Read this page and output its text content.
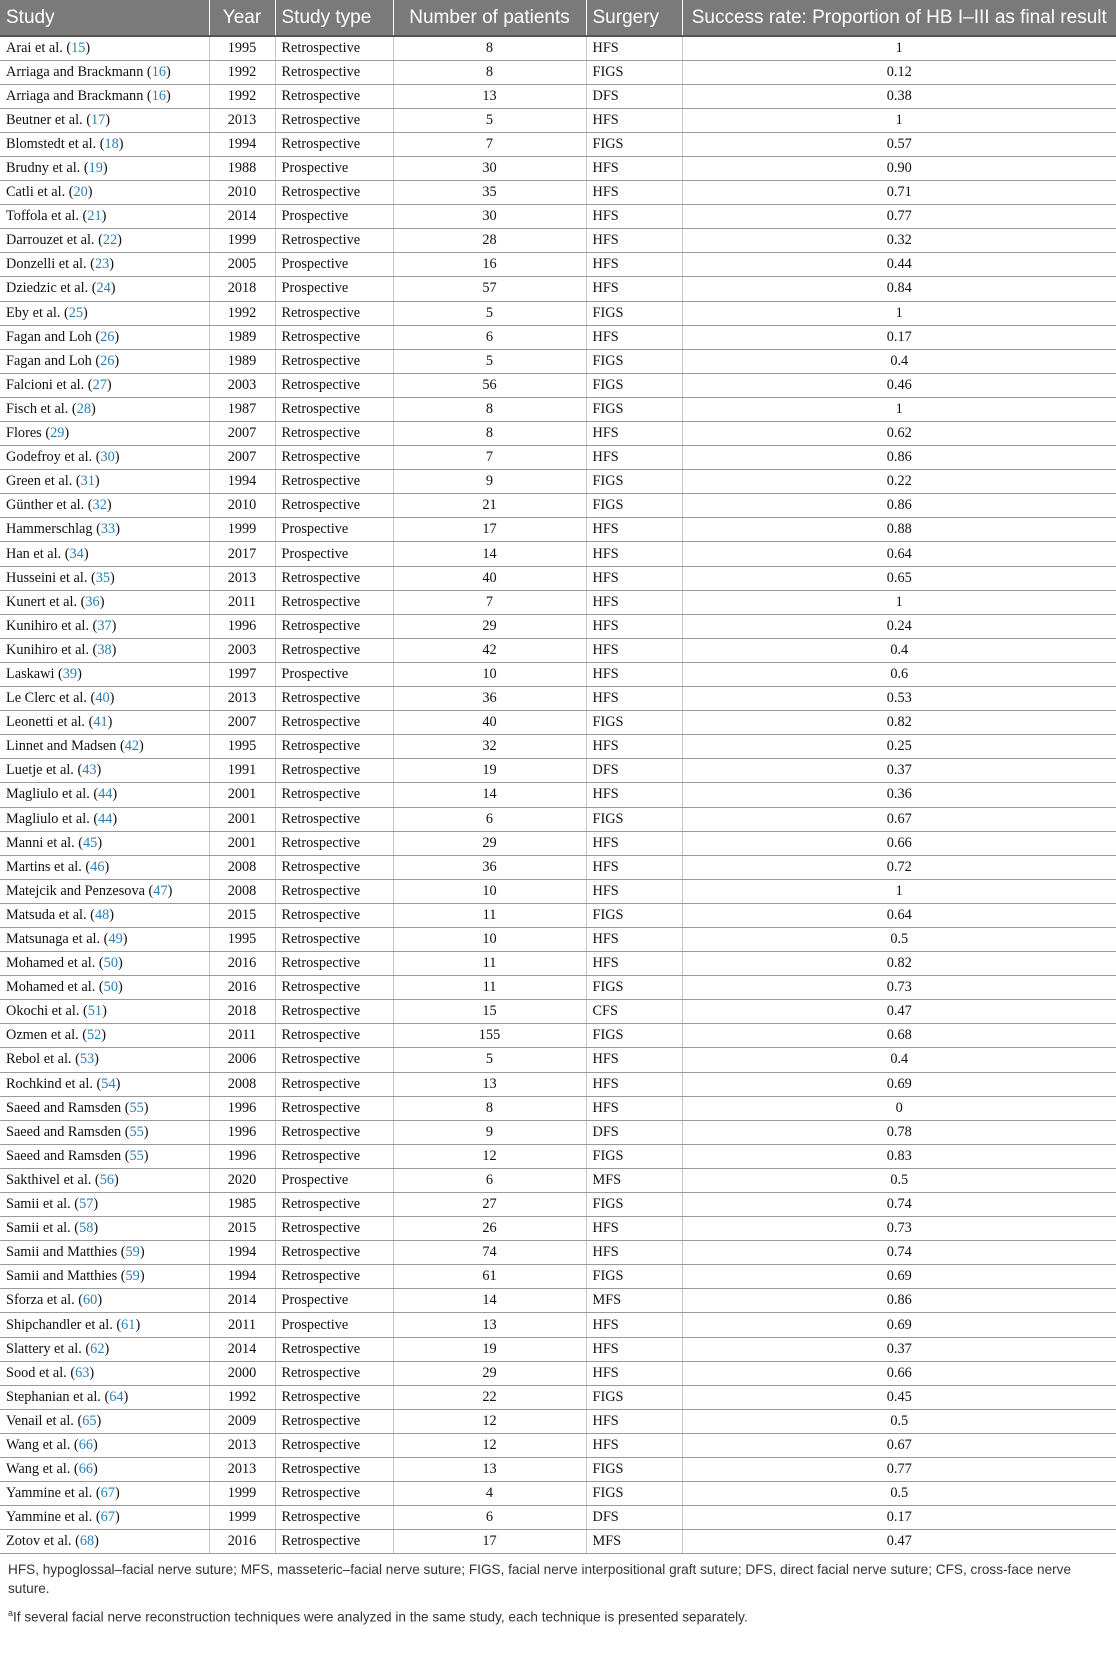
Study	Year	Study type	Number of patients	Surgery	Success rate: Proportion of HB I–III as final result
Arai et al. (15)	1995	Retrospective	8	HFS	1
Arriaga and Brackmann (16)	1992	Retrospective	8	FIGS	0.12
Arriaga and Brackmann (16)	1992	Retrospective	13	DFS	0.38
Beutner et al. (17)	2013	Retrospective	5	HFS	1
Blomstedt et al. (18)	1994	Retrospective	7	FIGS	0.57
Brudny et al. (19)	1988	Prospective	30	HFS	0.90
Catli et al. (20)	2010	Retrospective	35	HFS	0.71
Toffola et al. (21)	2014	Prospective	30	HFS	0.77
Darrouzet et al. (22)	1999	Retrospective	28	HFS	0.32
Donzelli et al. (23)	2005	Prospective	16	HFS	0.44
Dziedzic et al. (24)	2018	Prospective	57	HFS	0.84
Eby et al. (25)	1992	Retrospective	5	FIGS	1
Fagan and Loh (26)	1989	Retrospective	6	HFS	0.17
Fagan and Loh (26)	1989	Retrospective	5	FIGS	0.4
Falcioni et al. (27)	2003	Retrospective	56	FIGS	0.46
Fisch et al. (28)	1987	Retrospective	8	FIGS	1
Flores (29)	2007	Retrospective	8	HFS	0.62
Godefroy et al. (30)	2007	Retrospective	7	HFS	0.86
Green et al. (31)	1994	Retrospective	9	FIGS	0.22
Günther et al. (32)	2010	Retrospective	21	FIGS	0.86
Hammerschlag (33)	1999	Prospective	17	HFS	0.88
Han et al. (34)	2017	Prospective	14	HFS	0.64
Husseini et al. (35)	2013	Retrospective	40	HFS	0.65
Kunert et al. (36)	2011	Retrospective	7	HFS	1
Kunihiro et al. (37)	1996	Retrospective	29	HFS	0.24
Kunihiro et al. (38)	2003	Retrospective	42	HFS	0.4
Laskawi (39)	1997	Prospective	10	HFS	0.6
Le Clerc et al. (40)	2013	Retrospective	36	HFS	0.53
Leonetti et al. (41)	2007	Retrospective	40	FIGS	0.82
Linnet and Madsen (42)	1995	Retrospective	32	HFS	0.25
Luetje et al. (43)	1991	Retrospective	19	DFS	0.37
Magliulo et al. (44)	2001	Retrospective	14	HFS	0.36
Magliulo et al. (44)	2001	Retrospective	6	FIGS	0.67
Manni et al. (45)	2001	Retrospective	29	HFS	0.66
Martins et al. (46)	2008	Retrospective	36	HFS	0.72
Matejcik and Penzesova (47)	2008	Retrospective	10	HFS	1
Matsuda et al. (48)	2015	Retrospective	11	FIGS	0.64
Matsunaga et al. (49)	1995	Retrospective	10	HFS	0.5
Mohamed et al. (50)	2016	Retrospective	11	HFS	0.82
Mohamed et al. (50)	2016	Retrospective	11	FIGS	0.73
Okochi et al. (51)	2018	Retrospective	15	CFS	0.47
Ozmen et al. (52)	2011	Retrospective	155	FIGS	0.68
Rebol et al. (53)	2006	Retrospective	5	HFS	0.4
Rochkind et al. (54)	2008	Retrospective	13	HFS	0.69
Saeed and Ramsden (55)	1996	Retrospective	8	HFS	0
Saeed and Ramsden (55)	1996	Retrospective	9	DFS	0.78
Saeed and Ramsden (55)	1996	Retrospective	12	FIGS	0.83
Sakthivel et al. (56)	2020	Prospective	6	MFS	0.5
Samii et al. (57)	1985	Retrospective	27	FIGS	0.74
Samii et al. (58)	2015	Retrospective	26	HFS	0.73
Samii and Matthies (59)	1994	Retrospective	74	HFS	0.74
Samii and Matthies (59)	1994	Retrospective	61	FIGS	0.69
Sforza et al. (60)	2014	Prospective	14	MFS	0.86
Shipchandler et al. (61)	2011	Prospective	13	HFS	0.69
Slattery et al. (62)	2014	Retrospective	19	HFS	0.37
Sood et al. (63)	2000	Retrospective	29	HFS	0.66
Stephanian et al. (64)	1992	Retrospective	22	FIGS	0.45
Venail et al. (65)	2009	Retrospective	12	HFS	0.5
Wang et al. (66)	2013	Retrospective	12	HFS	0.67
Wang et al. (66)	2013	Retrospective	13	FIGS	0.77
Yammine et al. (67)	1999	Retrospective	4	FIGS	0.5
Yammine et al. (67)	1999	Retrospective	6	DFS	0.17
Zotov et al. (68)	2016	Retrospective	17	MFS	0.47

HFS, hypoglossal–facial nerve suture; MFS, masseteric–facial nerve suture; FIGS, facial nerve interpositional graft suture; DFS, direct facial nerve suture; CFS, cross-face nerve suture.

$^a$If several facial nerve reconstruction techniques were analyzed in the same study, each technique is presented separately.
